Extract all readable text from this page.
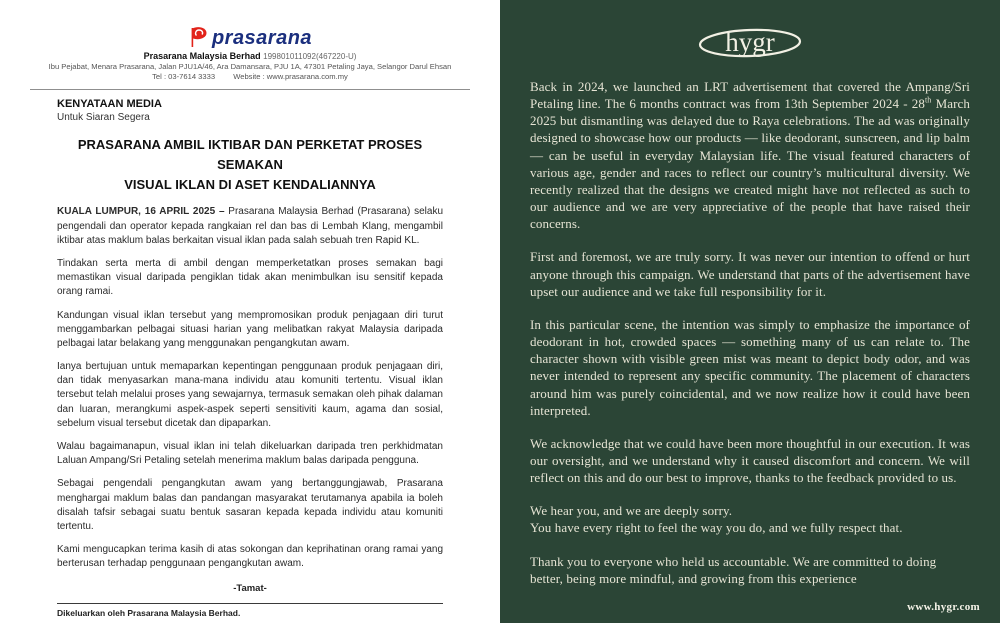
prasarana
Prasarana Malaysia Berhad 199801011092(467220-U)
Ibu Pejabat, Menara Prasarana, Jalan PJU1A/46, Ara Damansara, PJU 1A, 47301 Petaling Jaya, Selangor Darul Ehsan
Tel : 03-7614 3333 Website : www.prasarana.com.my
KENYATAAN MEDIA
Untuk Siaran Segera
PRASARANA AMBIL IKTIBAR DAN PERKETAT PROSES SEMAKAN
VISUAL IKLAN DI ASET KENDALIANNYA

KUALA LUMPUR, 16 APRIL 2025 – Prasarana Malaysia Berhad (Prasarana) selaku pengendali dan operator kepada rangkaian rel dan bas di Lembah Klang, mengambil iktibar atas maklum balas berkaitan visual iklan pada salah sebuah tren Rapid KL.

Tindakan serta merta di ambil dengan memperketatkan proses semakan bagi memastikan visual daripada pengiklan tidak akan menimbulkan isu sensitif kepada orang ramai.

Kandungan visual iklan tersebut yang mempromosikan produk penjagaan diri turut menggambarkan pelbagai situasi harian yang melibatkan rakyat Malaysia daripada pelbagai latar belakang yang menggunakan pengangkutan awam.

Ianya bertujuan untuk memaparkan kepentingan penggunaan produk penjagaan diri, dan tidak menyasarkan mana-mana individu atau komuniti tertentu. Visual iklan tersebut telah melalui proses yang sewajarnya, termasuk semakan oleh pihak dalaman dan luaran, merangkumi aspek-aspek seperti sensitiviti kaum, agama dan sosial, sebelum visual tersebut dicetak dan dipaparkan.

Walau bagaimanapun, visual iklan ini telah dikeluarkan daripada tren perkhidmatan Laluan Ampang/Sri Petaling setelah menerima maklum balas daripada pengguna.

Sebagai pengendali pengangkutan awam yang bertanggungjawab, Prasarana menghargai maklum balas dan pandangan masyarakat terutamanya apabila ia boleh disalah tafsir sebagai suatu bentuk sasaran kepada kepada individu atau komuniti tertentu.

Kami mengucapkan terima kasih di atas sokongan dan keprihatinan orang ramai yang berterusan terhadap penggunaan pengangkutan awam.

-Tamat-
Dikeluarkan oleh Prasarana Malaysia Berhad.
hygr

Back in 2024, we launched an LRT advertisement that covered the Ampang/Sri Petaling line. The 6 months contract was from 13th September 2024 - 28th March 2025 but dismantling was delayed due to Raya celebrations. The ad was originally designed to showcase how our products — like deodorant, sunscreen, and lip balm — can be useful in everyday Malaysian life. The visual featured characters of various age, gender and races to reflect our country’s multicultural diversity. We recently realized that the designs we created might have not reflected as such to our audience and we are very appreciative of the people that have raised their concerns.

First and foremost, we are truly sorry. It was never our intention to offend or hurt anyone through this campaign. We understand that parts of the advertisement have upset our audience and we take full responsibility for it.

In this particular scene, the intention was simply to emphasize the importance of deodorant in hot, crowded spaces — something many of us can relate to. The character shown with visible green mist was meant to depict body odor, and was never intended to represent any specific community. The placement of characters around him was purely coincidental, and we now realize how it could have been interpreted.

We acknowledge that we could have been more thoughtful in our execution. It was our oversight, and we understand why it caused discomfort and concern. We will reflect on this and do our best to improve, thanks to the feedback provided to us.

We hear you, and we are deeply sorry.

You have every right to feel the way you do, and we fully respect that.

Thank you to everyone who held us accountable. We are committed to doing better, being more mindful, and growing from this experience

www.hygr.com
